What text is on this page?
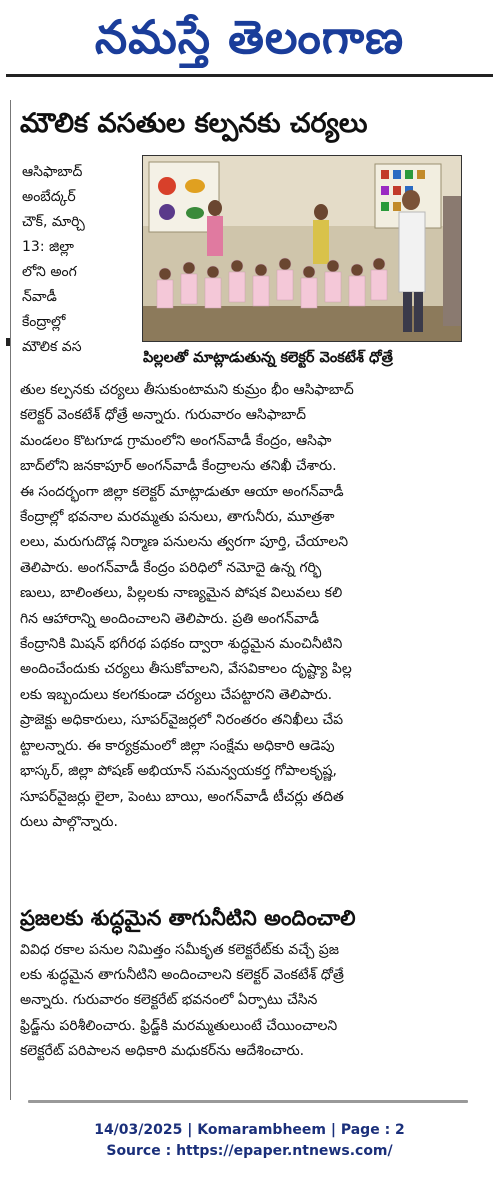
నమస్తే తెలంగాణ
మౌలిక వసతుల కల్పనకు చర్యలు
పిల్లలతో మాట్లాడుతున్న కలెక్టర్ వెంకటేశ్ ధోత్రే

ఆసిఫాబాద్
అంబేద్కర్
చౌక్, మార్చి
13: జిల్లా
లోని అంగ
న్‌వాడీ
కేంద్రాల్లో
మౌలిక వస

తుల కల్పనకు చర్యలు తీసుకుంటామని కుమ్రం భీం ఆసిఫాబాద్
కలెక్టర్ వెంకటేశ్ ధోత్రే అన్నారు. గురువారం ఆసిఫాబాద్
మండలం కొటగూడ గ్రామంలోని అంగన్‌వాడీ కేంద్రం, ఆసిఫా
బాద్‌లోని జనకాపూర్ అంగన్‌వాడీ కేంద్రాలను తనిఖీ చేశారు.
ఈ సందర్భంగా జిల్లా కలెక్టర్ మాట్లాడుతూ ఆయా అంగన్‌వాడీ
కేంద్రాల్లో భవనాల మరమ్మతు పనులు, తాగునీరు, మూత్రశా
లలు, మరుగుదొడ్ల నిర్మాణ పనులను త్వరగా పూర్తి, చేయాలని
తెలిపారు. అంగన్‌వాడీ కేంద్రం పరిధిలో నమోదై ఉన్న గర్భి
ణులు, బాలింతలు, పిల్లలకు నాణ్యమైన పోషక విలువలు కలి
గిన ఆహారాన్ని అందించాలని తెలిపారు. ప్రతి అంగన్‌వాడీ
కేంద్రానికి మిషన్ భగీరథ పథకం ద్వారా శుద్ధమైన మంచినీటిని
అందించేందుకు చర్యలు తీసుకోవాలని, వేసవికాలం దృష్ట్యా పిల్ల
లకు ఇబ్బందులు కలగకుండా చర్యలు చేపట్టారని తెలిపారు.
ప్రాజెక్టు అధికారులు, సూపర్‌వైజర్లలో నిరంతరం తనిఖీలు చేప
ట్టాలన్నారు. ఈ కార్యక్రమంలో జిల్లా సంక్షేమ అధికారి ఆడెపు
భాస్కర్, జిల్లా పోషణ్ అభియాన్ సమన్వయకర్త గోపాలకృష్ణ,
సూపర్‌వైజర్లు లైలా, పెంటు బాయి, అంగన్‌వాడీ టీచర్లు తదిత
రులు పాల్గొన్నారు.

ప్రజలకు శుద్ధమైన తాగునీటిని అందించాలి

వివిధ రకాల పనుల నిమిత్తం సమీకృత కలెక్టరేట్‌కు వచ్చే ప్రజ
లకు శుద్ధమైన తాగునీటిని అందించాలని కలెక్టర్ వెంకటేశ్ ధోత్రే
అన్నారు. గురువారం కలెక్టరేట్ భవనంలో ఏర్పాటు చేసిన
ఫ్రిడ్జ్‌ను పరిశీలించారు. ఫ్రిడ్జ్‌కి మరమ్మతులుంటే చేయించాలని
కలెక్టరేట్ పరిపాలన అధికారి మధుకర్‌ను ఆదేశించారు.

14/03/2025 | Komarambheem | Page : 2
Source : https://epaper.ntnews.com/
